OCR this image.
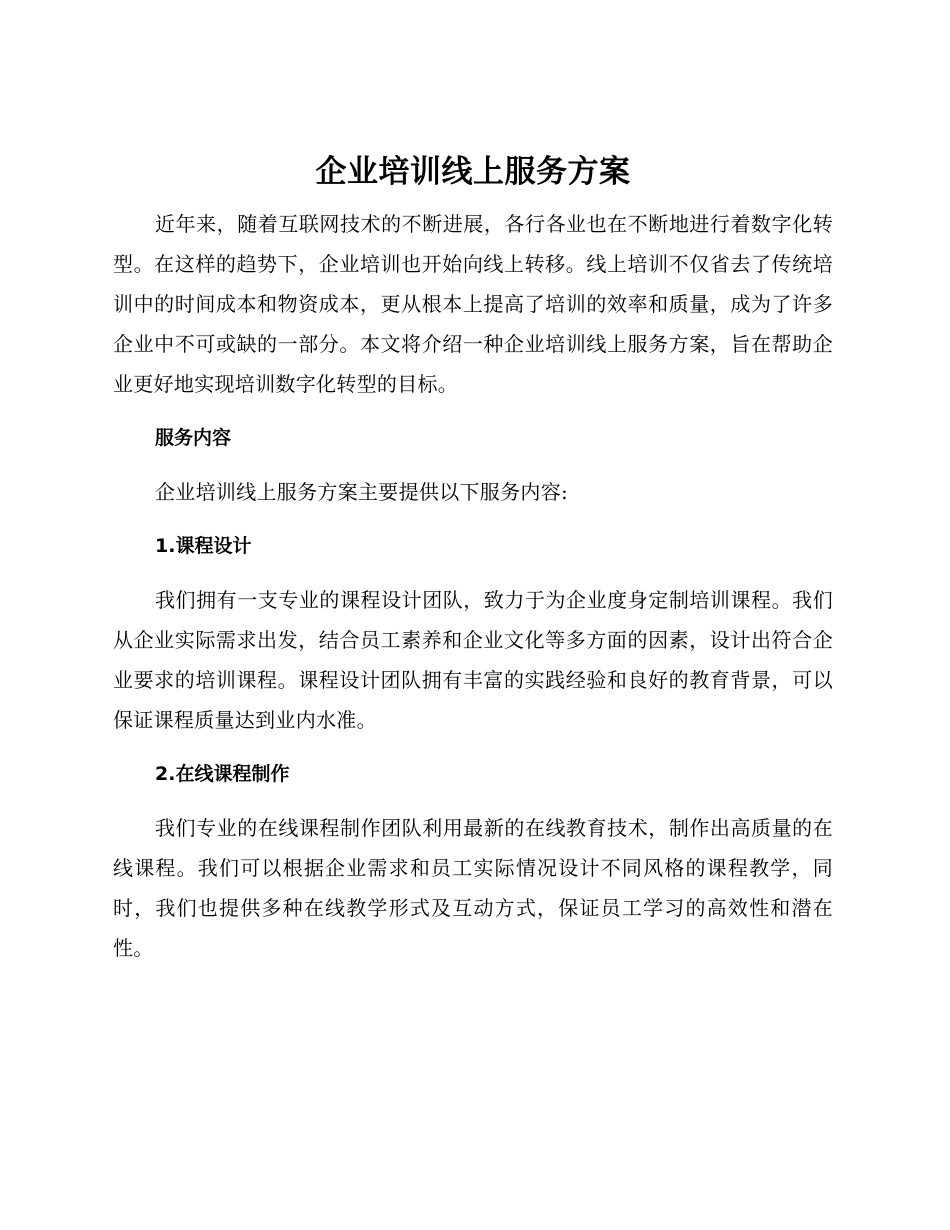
企业培训线上服务方案

近年来，随着互联网技术的不断进展，各行各业也在不断地进行着数字化转型。在这样的趋势下，企业培训也开始向线上转移。线上培训不仅省去了传统培训中的时间成本和物资成本，更从根本上提高了培训的效率和质量，成为了许多企业中不可或缺的一部分。本文将介绍一种企业培训线上服务方案，旨在帮助企业更好地实现培训数字化转型的目标。

服务内容

企业培训线上服务方案主要提供以下服务内容:

1.课程设计

我们拥有一支专业的课程设计团队，致力于为企业度身定制培训课程。我们从企业实际需求出发，结合员工素养和企业文化等多方面的因素，设计出符合企业要求的培训课程。课程设计团队拥有丰富的实践经验和良好的教育背景，可以保证课程质量达到业内水准。

2.在线课程制作

我们专业的在线课程制作团队利用最新的在线教育技术，制作出高质量的在线课程。我们可以根据企业需求和员工实际情况设计不同风格的课程教学，同时，我们也提供多种在线教学形式及互动方式，保证员工学习的高效性和潜在性。
